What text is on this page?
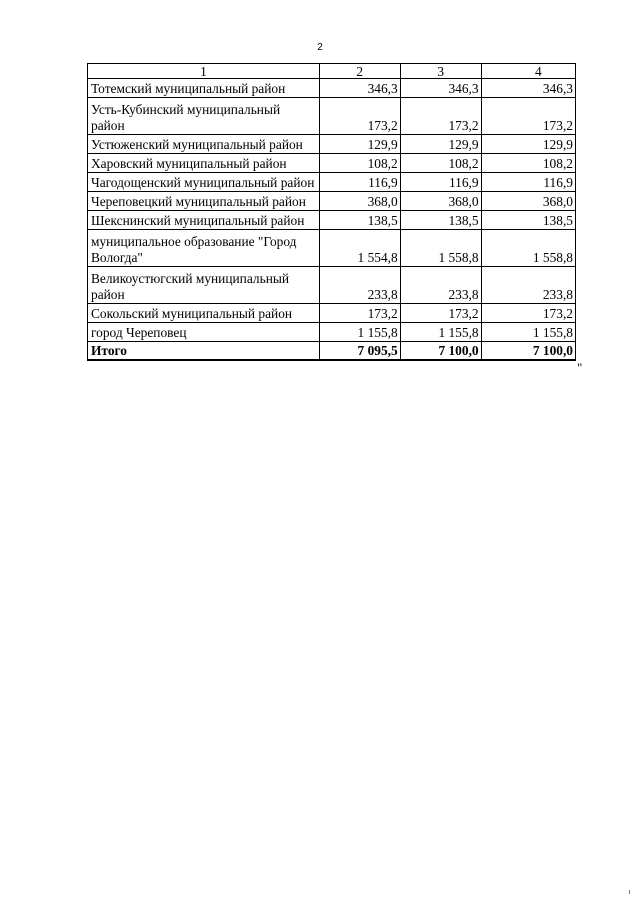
2
1	2	3	4
Тотемский муниципальный район	346,3	346,3	346,3
Усть-Кубинский муниципальный район	173,2	173,2	173,2
Устюженский муниципальный район	129,9	129,9	129,9
Харовский муниципальный район	108,2	108,2	108,2
Чагодощенский муниципальный район	116,9	116,9	116,9
Череповецкий муниципальный район	368,0	368,0	368,0
Шекснинский муниципальный район	138,5	138,5	138,5
муниципальное образование "Город Вологда"	1 554,8	1 558,8	1 558,8
Великоустюгский муниципальный район	233,8	233,8	233,8
Сокольский муниципальный район	173,2	173,2	173,2
город Череповец	1 155,8	1 155,8	1 155,8
Итого	7 095,5	7 100,0	7 100,0
"
